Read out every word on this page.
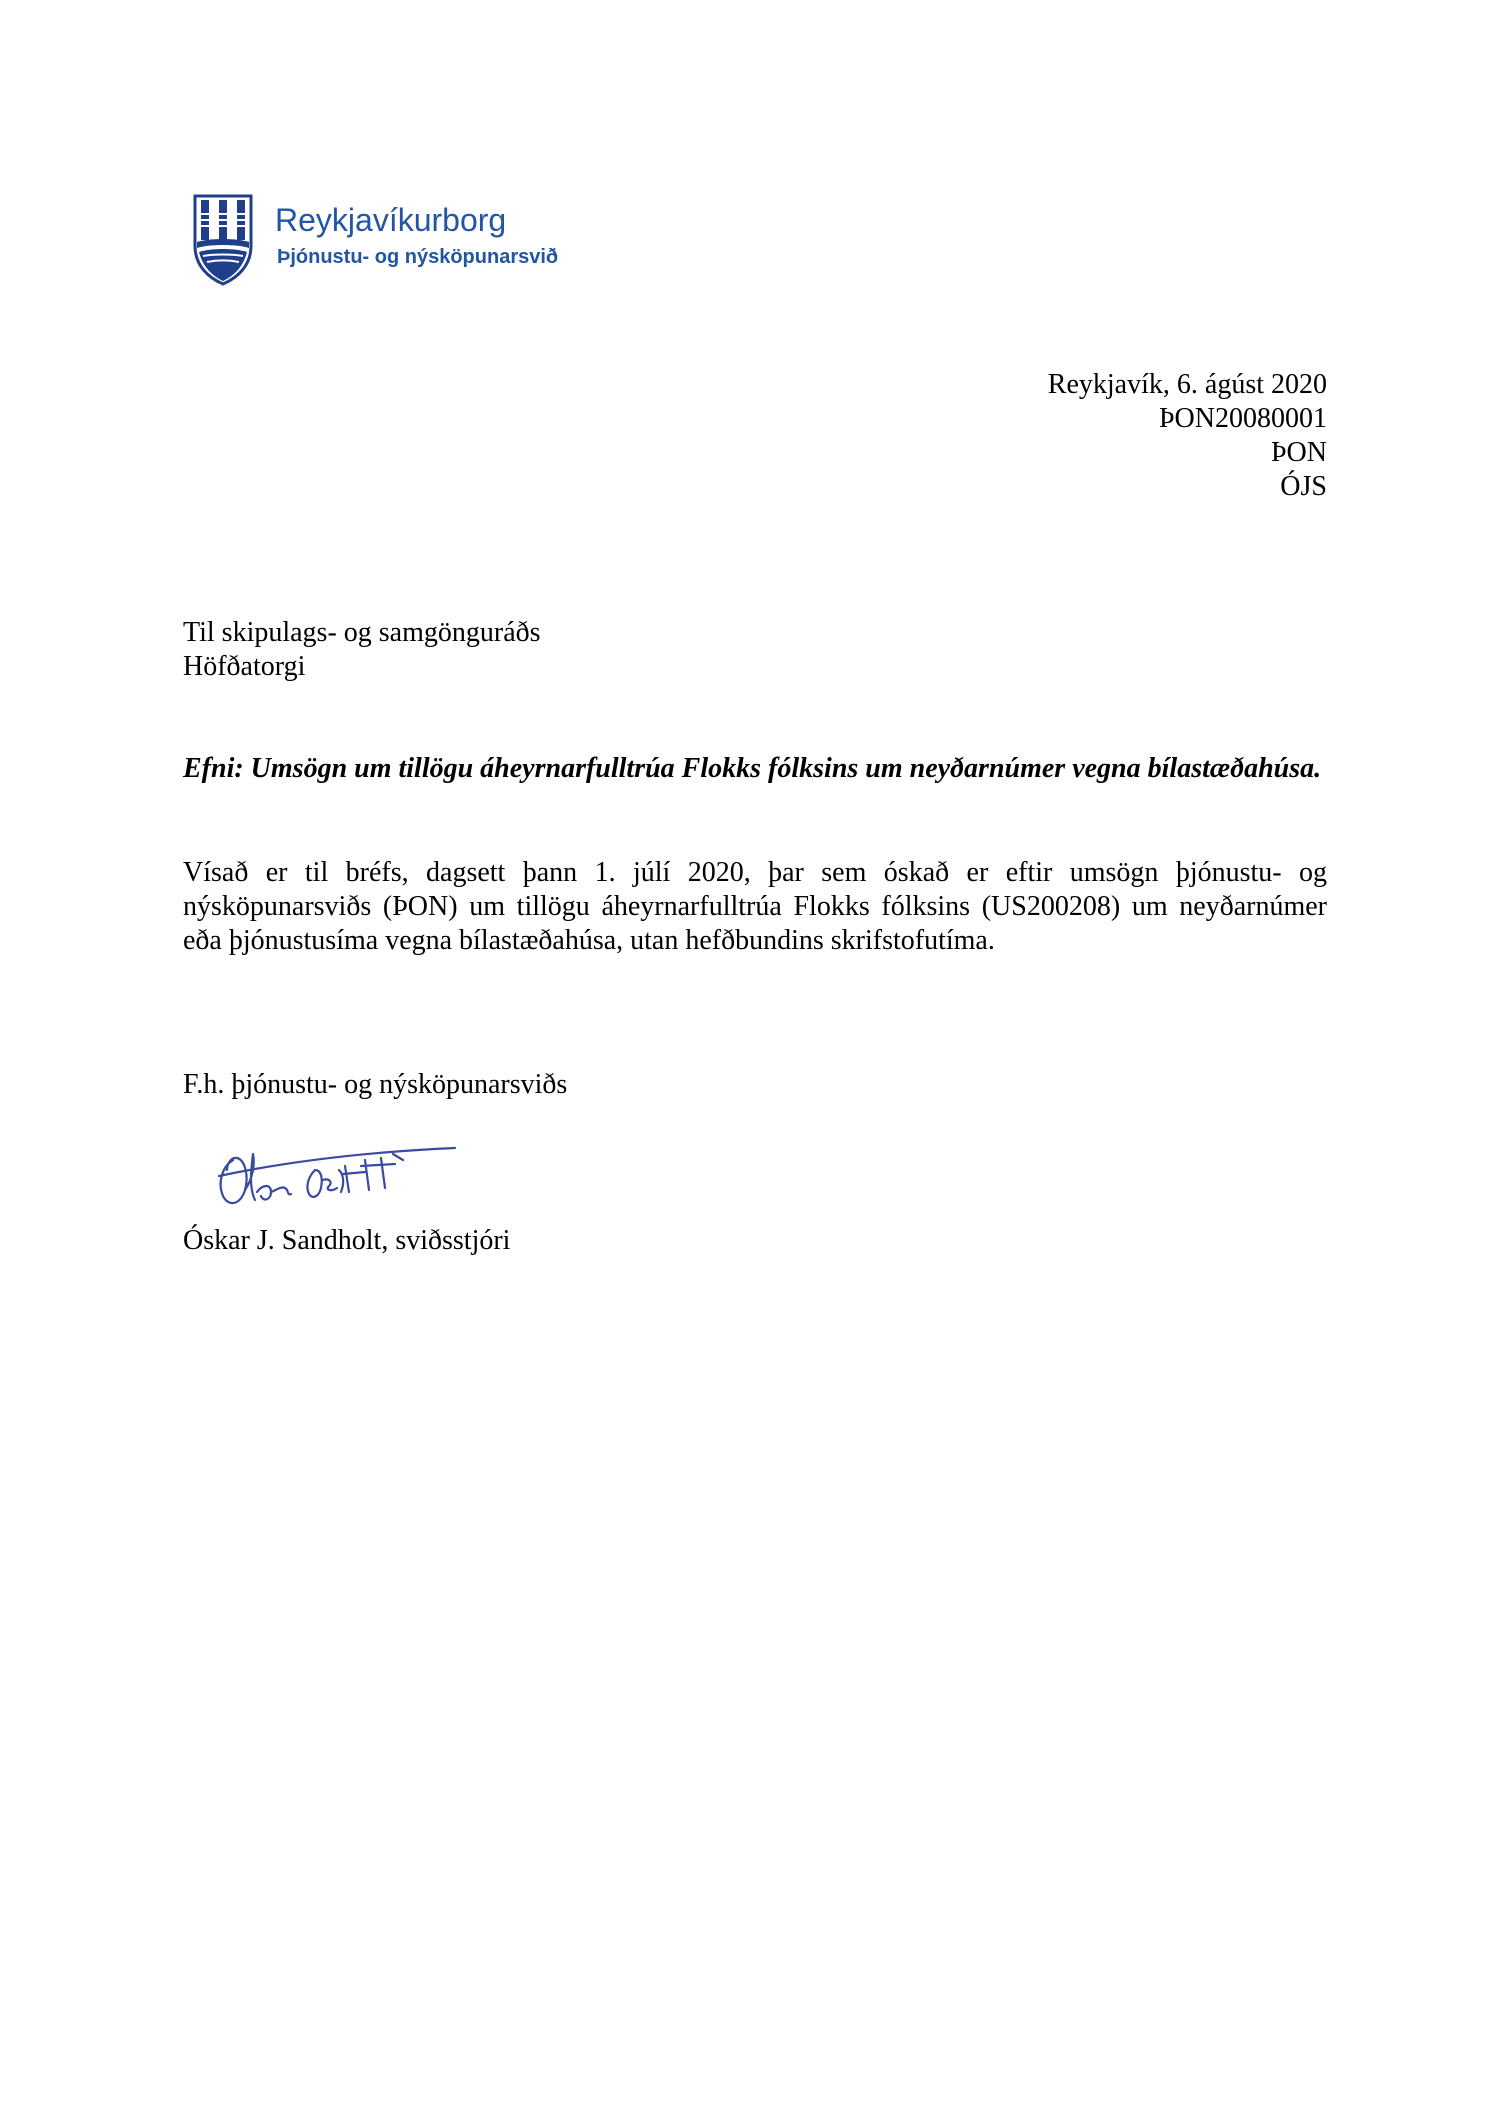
Reykjavíkurborg
Þjónustu- og nýsköpunarsvið
Reykjavík, 6. ágúst 2020
ÞON20080001
ÞON
ÓJS
Til skipulags- og samgönguráðs
Höfðatorgi
Efni: Umsögn um tillögu áheyrnarfulltrúa Flokks fólksins um neyðarnúmer vegna bílastæðahúsa.
Vísað er til bréfs, dagsett þann 1. júlí 2020, þar sem óskað er eftir umsögn þjónustu- og nýsköpunarsviðs (ÞON) um tillögu áheyrnarfulltrúa Flokks fólksins (US200208) um neyðarnúmer eða þjónustusíma vegna bílastæðahúsa, utan hefðbundins skrifstofutíma.
F.h. þjónustu- og nýsköpunarsviðs
Óskar J. Sandholt, sviðsstjóri
